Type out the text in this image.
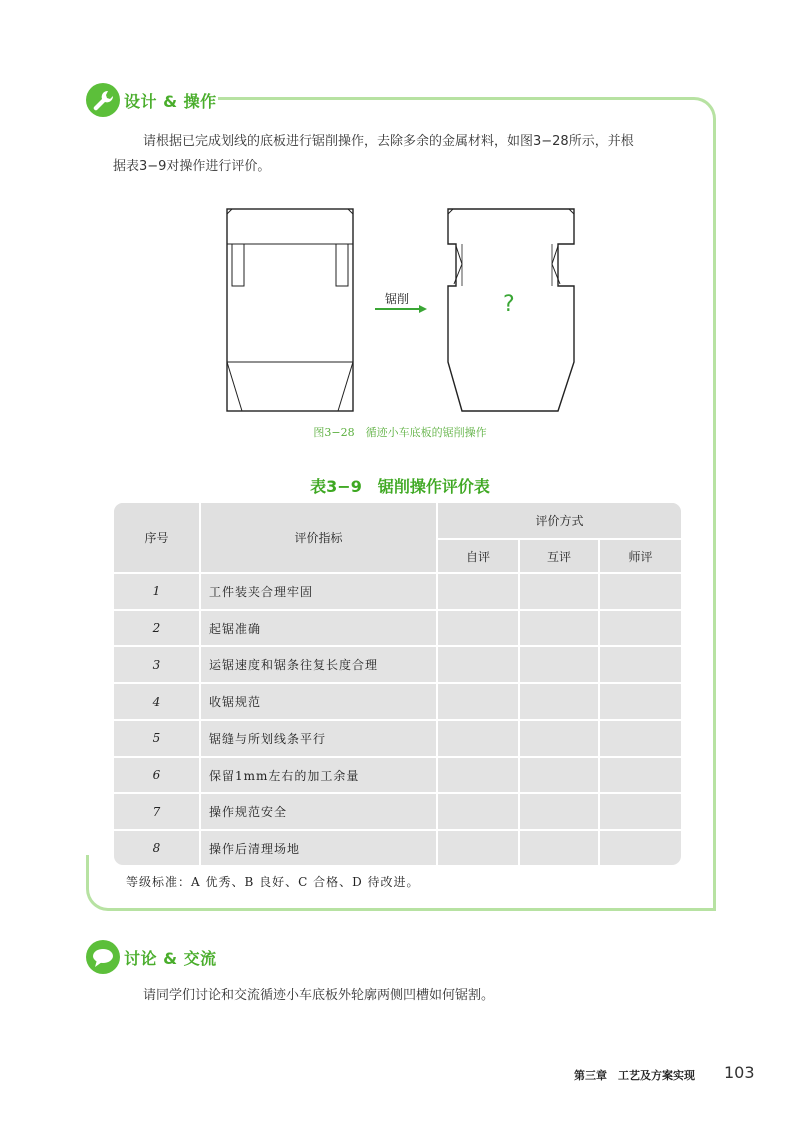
设计 & 操作
请根据已完成划线的底板进行锯削操作，去除多余的金属材料，如图3−28所示，并根
据表3−9对操作进行评价。
锯削	?
图3−28　循迹小车底板的锯削操作
表3−9　锯削操作评价表
序号	评价指标	评价方式		
		自评	互评	师评
1	工件装夹合理牢固			
2	起锯准确			
3	运锯速度和锯条往复长度合理			
4	收锯规范			
5	锯缝与所划线条平行			
6	保留1mm左右的加工余量			
7	操作规范安全			
8	操作后清理场地			
等级标准：A 优秀、B 良好、C 合格、D 待改进。
讨论 & 交流
请同学们讨论和交流循迹小车底板外轮廓两侧凹槽如何锯割。
第三章　工艺及方案实现 103
